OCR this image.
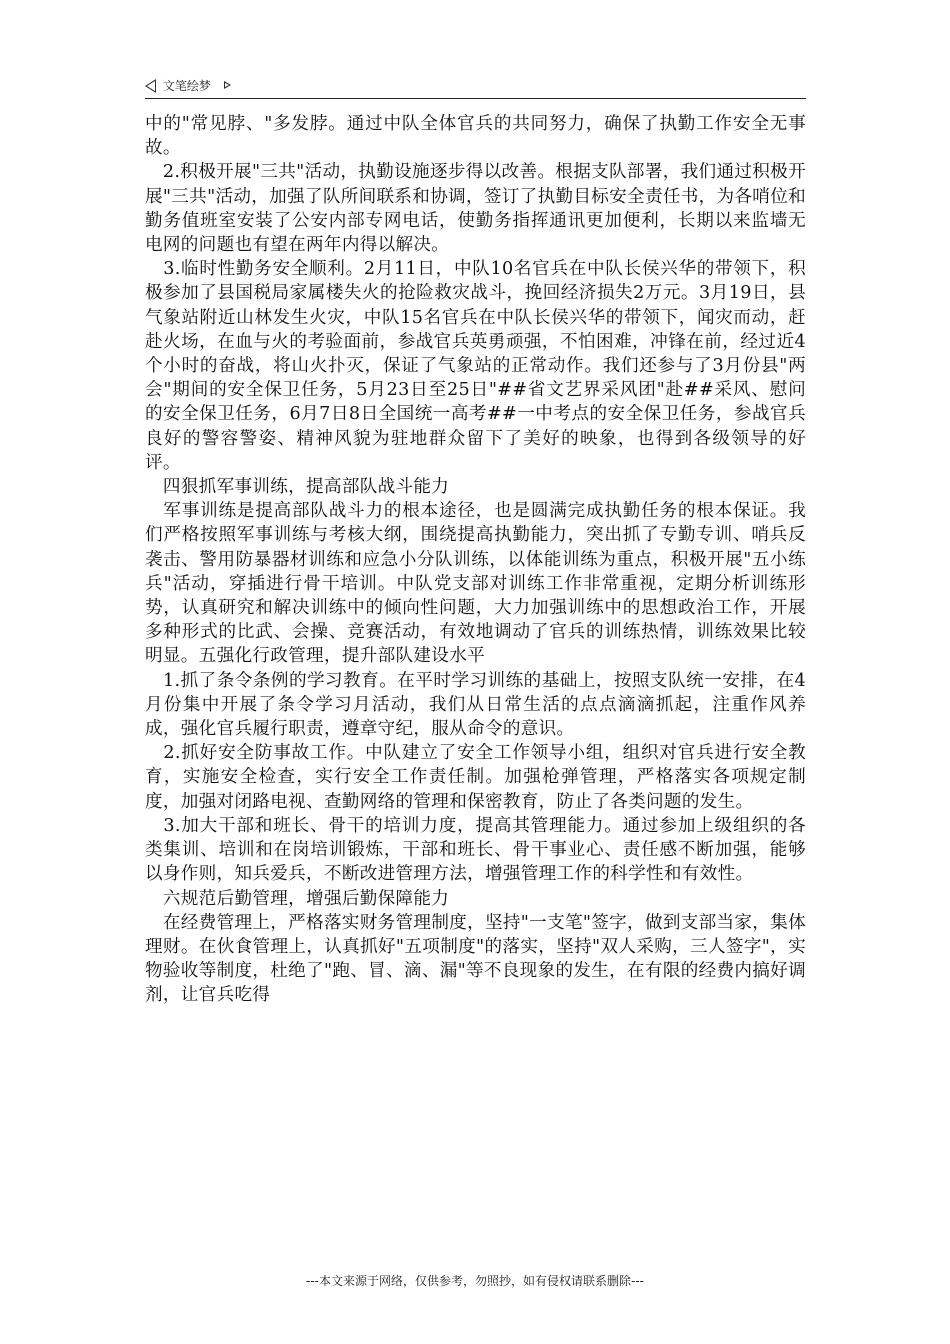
文笔绘梦

中的"常见脖、"多发脖。通过中队全体官兵的共同努力，确保了执勤工作安全无事故。

　2.积极开展"三共"活动，执勤设施逐步得以改善。根据支队部署，我们通过积极开展"三共"活动，加强了队所间联系和协调，签订了执勤目标安全责任书，为各哨位和勤务值班室安装了公安内部专网电话，使勤务指挥通讯更加便利，长期以来监墙无电网的问题也有望在两年内得以解决。

　3.临时性勤务安全顺利。2月11日，中队10名官兵在中队长侯兴华的带领下，积极参加了县国税局家属楼失火的抢险救灾战斗，挽回经济损失2万元。3月19日，县气象站附近山林发生火灾，中队15名官兵在中队长侯兴华的带领下，闻灾而动，赶赴火场，在血与火的考验面前，参战官兵英勇顽强，不怕困难，冲锋在前，经过近4个小时的奋战，将山火扑灭，保证了气象站的正常动作。我们还参与了3月份县"两会"期间的安全保卫任务，5月23日至25日"##省文艺界采风团"赴##采风、慰问的安全保卫任务，6月7日8日全国统一高考##一中考点的安全保卫任务，参战官兵良好的警容警姿、精神风貌为驻地群众留下了美好的映象，也得到各级领导的好评。

　四狠抓军事训练，提高部队战斗能力

　军事训练是提高部队战斗力的根本途径，也是圆满完成执勤任务的根本保证。我们严格按照军事训练与考核大纲，围绕提高执勤能力，突出抓了专勤专训、哨兵反袭击、警用防暴器材训练和应急小分队训练，以体能训练为重点，积极开展"五小练兵"活动，穿插进行骨干培训。中队党支部对训练工作非常重视，定期分析训练形势，认真研究和解决训练中的倾向性问题，大力加强训练中的思想政治工作，开展多种形式的比武、会操、竞赛活动，有效地调动了官兵的训练热情，训练效果比较明显。五强化行政管理，提升部队建设水平

　1.抓了条令条例的学习教育。在平时学习训练的基础上，按照支队统一安排，在4月份集中开展了条令学习月活动，我们从日常生活的点点滴滴抓起，注重作风养成，强化官兵履行职责，遵章守纪，服从命令的意识。

　2.抓好安全防事故工作。中队建立了安全工作领导小组，组织对官兵进行安全教育，实施安全检查，实行安全工作责任制。加强枪弹管理，严格落实各项规定制度，加强对闭路电视、查勤网络的管理和保密教育，防止了各类问题的发生。

　3.加大干部和班长、骨干的培训力度，提高其管理能力。通过参加上级组织的各类集训、培训和在岗培训锻炼，干部和班长、骨干事业心、责任感不断加强，能够以身作则，知兵爱兵，不断改进管理方法，增强管理工作的科学性和有效性。

　六规范后勤管理，增强后勤保障能力

　在经费管理上，严格落实财务管理制度，坚持"一支笔"签字，做到支部当家，集体理财。在伙食管理上，认真抓好"五项制度"的落实，坚持"双人采购，三人签字"，实物验收等制度，杜绝了"跑、冒、滴、漏"等不良现象的发生，在有限的经费内搞好调剂，让官兵吃得

---本文来源于网络，仅供参考，勿照抄，如有侵权请联系删除---
